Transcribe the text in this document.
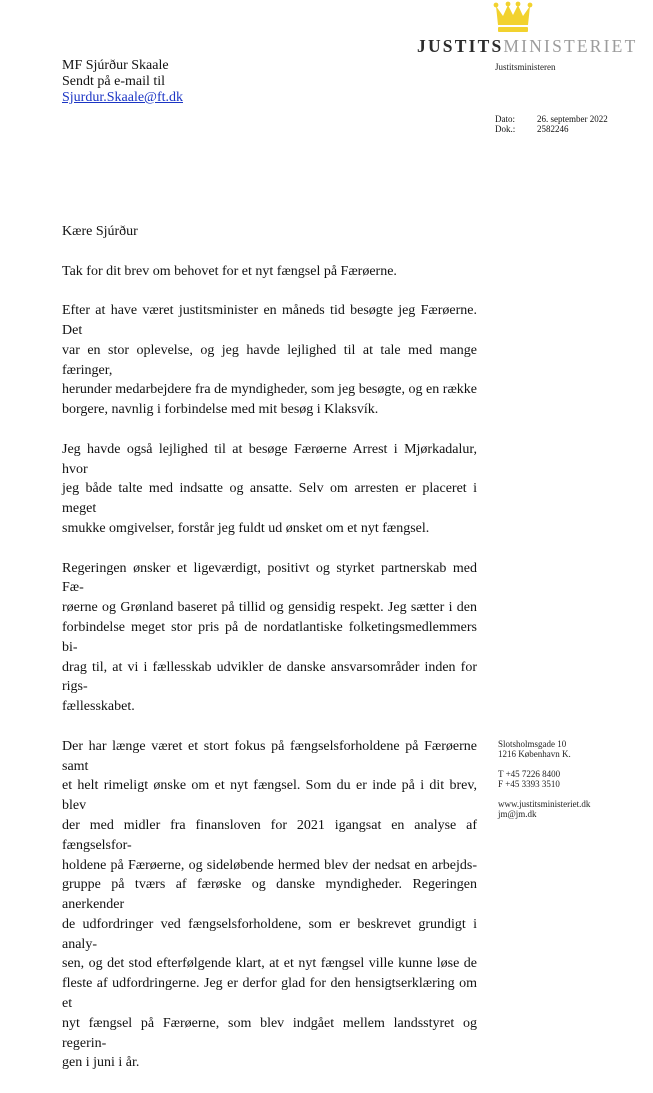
JUSTITSMINISTERIET
Justitsministeren
MF Sjúrður Skaale
Sendt på e-mail til
Sjurdur.Skaale@ft.dk
Dato:	26. september 2022
Dok.:	2582246

Kære Sjúrður

Tak for dit brev om behovet for et nyt fængsel på Færøerne.

Efter at have været justitsminister en måneds tid besøgte jeg Færøerne. Det
var en stor oplevelse, og jeg havde lejlighed til at tale med mange færinger,
herunder medarbejdere fra de myndigheder, som jeg besøgte, og en række
borgere, navnlig i forbindelse med mit besøg i Klaksvík.

Jeg havde også lejlighed til at besøge Færøerne Arrest i Mjørkadalur, hvor
jeg både talte med indsatte og ansatte. Selv om arresten er placeret i meget
smukke omgivelser, forstår jeg fuldt ud ønsket om et nyt fængsel.

Regeringen ønsker et ligeværdigt, positivt og styrket partnerskab med Fæ-
røerne og Grønland baseret på tillid og gensidig respekt. Jeg sætter i den
forbindelse meget stor pris på de nordatlantiske folketingsmedlemmers bi-
drag til, at vi i fællesskab udvikler de danske ansvarsområder inden for rigs-
fællesskabet.

Der har længe været et stort fokus på fængselsforholdene på Færøerne samt
et helt rimeligt ønske om et nyt fængsel. Som du er inde på i dit brev, blev
der med midler fra finansloven for 2021 igangsat en analyse af fængselsfor-
holdene på Færøerne, og sideløbende hermed blev der nedsat en arbejds-
gruppe på tværs af færøske og danske myndigheder. Regeringen anerkender
de udfordringer ved fængselsforholdene, som er beskrevet grundigt i analy-
sen, og det stod efterfølgende klart, at et nyt fængsel ville kunne løse de
fleste af udfordringerne. Jeg er derfor glad for den hensigtserklæring om et
nyt fængsel på Færøerne, som blev indgået mellem landsstyret og regerin-
gen i juni i år.

Slotsholmsgade 10
1216 København K.
T +45 7226 8400
F +45 3393 3510
www.justitsministeriet.dk
jm@jm.dk
